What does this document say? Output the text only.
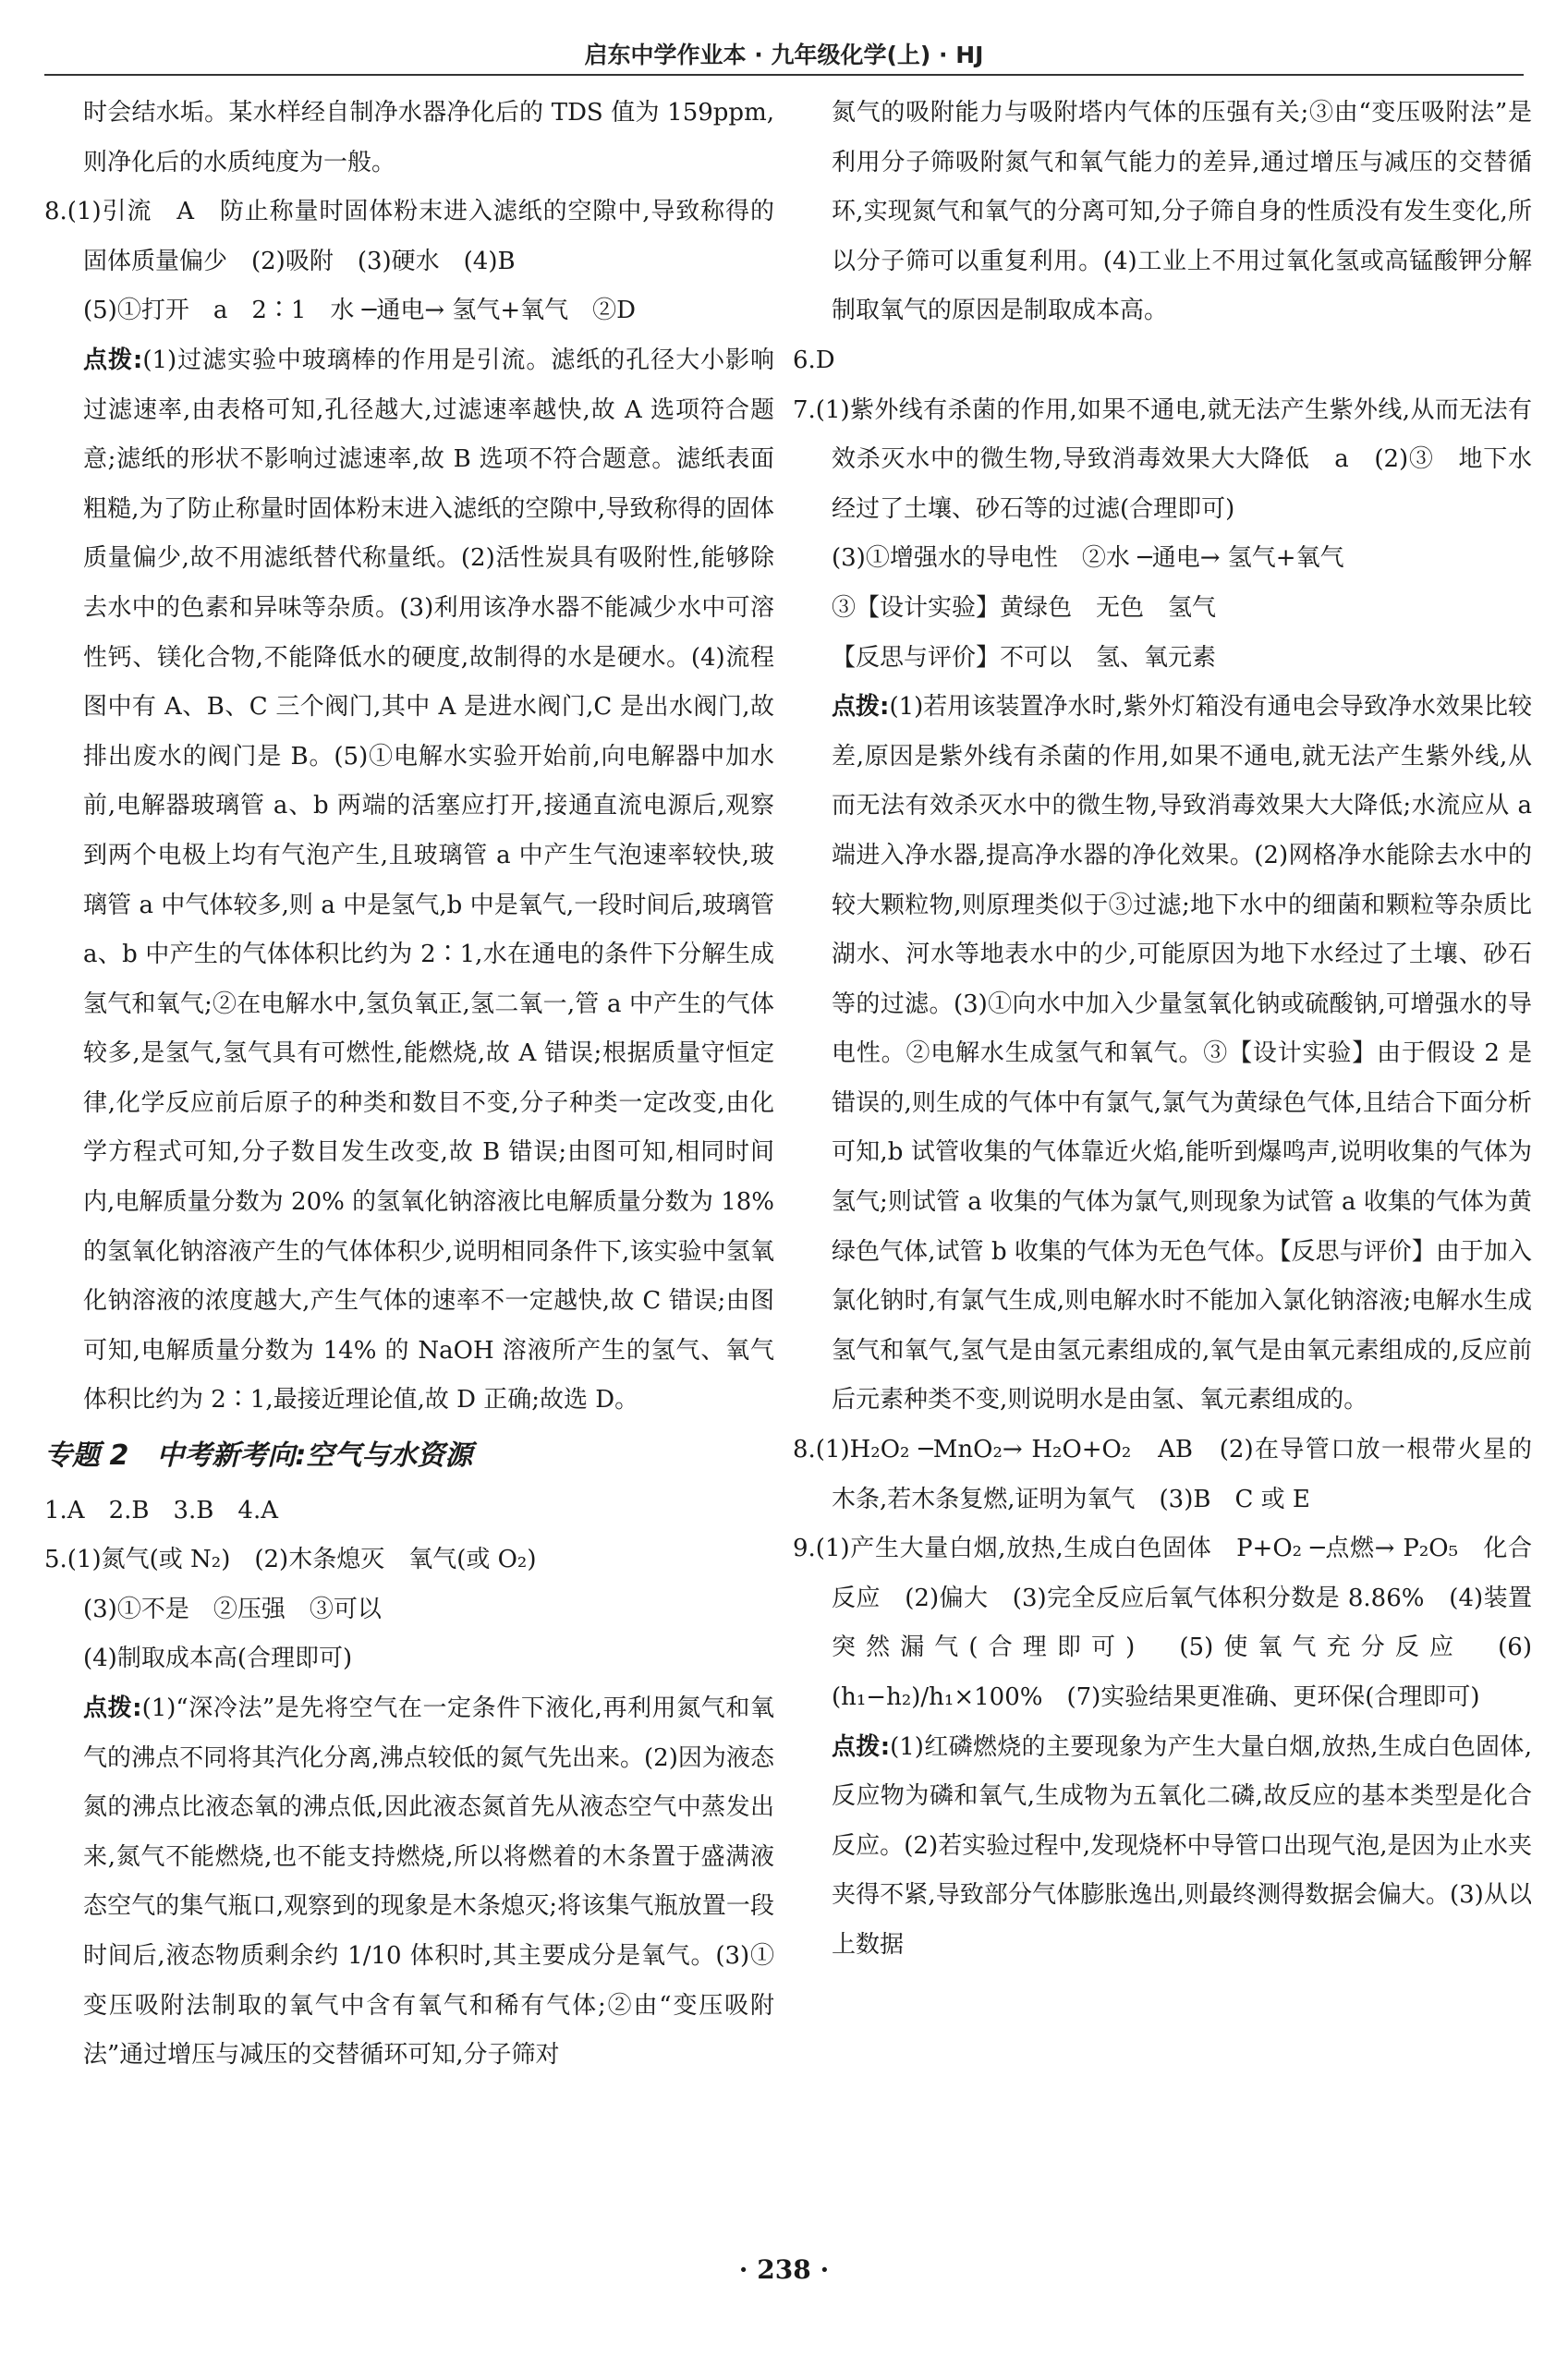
启东中学作业本 · 九年级化学(上) · HJ

时会结水垢。某水样经自制净水器净化后的 TDS 值为 159ppm,则净化后的水质纯度为一般。

8.(1)引流　A　防止称量时固体粉末进入滤纸的空隙中,导致称得的固体质量偏少　(2)吸附　(3)硬水　(4)B

(5)①打开　a　2∶1　水 ─通电→ 氢气+氧气　②D

点拨:(1)过滤实验中玻璃棒的作用是引流。滤纸的孔径大小影响过滤速率,由表格可知,孔径越大,过滤速率越快,故 A 选项符合题意;滤纸的形状不影响过滤速率,故 B 选项不符合题意。滤纸表面粗糙,为了防止称量时固体粉末进入滤纸的空隙中,导致称得的固体质量偏少,故不用滤纸替代称量纸。(2)活性炭具有吸附性,能够除去水中的色素和异味等杂质。(3)利用该净水器不能减少水中可溶性钙、镁化合物,不能降低水的硬度,故制得的水是硬水。(4)流程图中有 A、B、C 三个阀门,其中 A 是进水阀门,C 是出水阀门,故排出废水的阀门是 B。(5)①电解水实验开始前,向电解器中加水前,电解器玻璃管 a、b 两端的活塞应打开,接通直流电源后,观察到两个电极上均有气泡产生,且玻璃管 a 中产生气泡速率较快,玻璃管 a 中气体较多,则 a 中是氢气,b 中是氧气,一段时间后,玻璃管 a、b 中产生的气体体积比约为 2∶1,水在通电的条件下分解生成氢气和氧气;②在电解水中,氢负氧正,氢二氧一,管 a 中产生的气体较多,是氢气,氢气具有可燃性,能燃烧,故 A 错误;根据质量守恒定律,化学反应前后原子的种类和数目不变,分子种类一定改变,由化学方程式可知,分子数目发生改变,故 B 错误;由图可知,相同时间内,电解质量分数为 20% 的氢氧化钠溶液比电解质量分数为 18% 的氢氧化钠溶液产生的气体体积少,说明相同条件下,该实验中氢氧化钠溶液的浓度越大,产生气体的速率不一定越快,故 C 错误;由图可知,电解质量分数为 14% 的 NaOH 溶液所产生的氢气、氧气体积比约为 2∶1,最接近理论值,故 D 正确;故选 D。

专题 2　中考新考向:空气与水资源

1.A　2.B　3.B　4.A

5.(1)氮气(或 N₂)　(2)木条熄灭　氧气(或 O₂)

(3)①不是　②压强　③可以

(4)制取成本高(合理即可)

点拨:(1)“深冷法”是先将空气在一定条件下液化,再利用氮气和氧气的沸点不同将其汽化分离,沸点较低的氮气先出来。(2)因为液态氮的沸点比液态氧的沸点低,因此液态氮首先从液态空气中蒸发出来,氮气不能燃烧,也不能支持燃烧,所以将燃着的木条置于盛满液态空气的集气瓶口,观察到的现象是木条熄灭;将该集气瓶放置一段时间后,液态物质剩余约 1/10 体积时,其主要成分是氧气。(3)①变压吸附法制取的氧气中含有氧气和稀有气体;②由“变压吸附法”通过增压与减压的交替循环可知,分子筛对

氮气的吸附能力与吸附塔内气体的压强有关;③由“变压吸附法”是利用分子筛吸附氮气和氧气能力的差异,通过增压与减压的交替循环,实现氮气和氧气的分离可知,分子筛自身的性质没有发生变化,所以分子筛可以重复利用。(4)工业上不用过氧化氢或高锰酸钾分解制取氧气的原因是制取成本高。

6.D

7.(1)紫外线有杀菌的作用,如果不通电,就无法产生紫外线,从而无法有效杀灭水中的微生物,导致消毒效果大大降低　a　(2)③　地下水经过了土壤、砂石等的过滤(合理即可)

(3)①增强水的导电性　②水 ─通电→ 氢气+氧气

③【设计实验】黄绿色　无色　氢气

【反思与评价】不可以　氢、氧元素

点拨:(1)若用该装置净水时,紫外灯箱没有通电会导致净水效果比较差,原因是紫外线有杀菌的作用,如果不通电,就无法产生紫外线,从而无法有效杀灭水中的微生物,导致消毒效果大大降低;水流应从 a 端进入净水器,提高净水器的净化效果。(2)网格净水能除去水中的较大颗粒物,则原理类似于③过滤;地下水中的细菌和颗粒等杂质比湖水、河水等地表水中的少,可能原因为地下水经过了土壤、砂石等的过滤。(3)①向水中加入少量氢氧化钠或硫酸钠,可增强水的导电性。②电解水生成氢气和氧气。③【设计实验】由于假设 2 是错误的,则生成的气体中有氯气,氯气为黄绿色气体,且结合下面分析可知,b 试管收集的气体靠近火焰,能听到爆鸣声,说明收集的气体为氢气;则试管 a 收集的气体为氯气,则现象为试管 a 收集的气体为黄绿色气体,试管 b 收集的气体为无色气体。【反思与评价】由于加入氯化钠时,有氯气生成,则电解水时不能加入氯化钠溶液;电解水生成氢气和氧气,氢气是由氢元素组成的,氧气是由氧元素组成的,反应前后元素种类不变,则说明水是由氢、氧元素组成的。

8.(1)H₂O₂ ─MnO₂→ H₂O+O₂　AB　(2)在导管口放一根带火星的木条,若木条复燃,证明为氧气　(3)B　C 或 E

9.(1)产生大量白烟,放热,生成白色固体　P+O₂ ─点燃→ P₂O₅　化合反应　(2)偏大　(3)完全反应后氧气体积分数是 8.86%　(4)装置突然漏气(合理即可)　(5)使氧气充分反应　(6)(h₁−h₂)/h₁×100%　(7)实验结果更准确、更环保(合理即可)

点拨:(1)红磷燃烧的主要现象为产生大量白烟,放热,生成白色固体,反应物为磷和氧气,生成物为五氧化二磷,故反应的基本类型是化合反应。(2)若实验过程中,发现烧杯中导管口出现气泡,是因为止水夹夹得不紧,导致部分气体膨胀逸出,则最终测得数据会偏大。(3)从以上数据

· 238 ·
